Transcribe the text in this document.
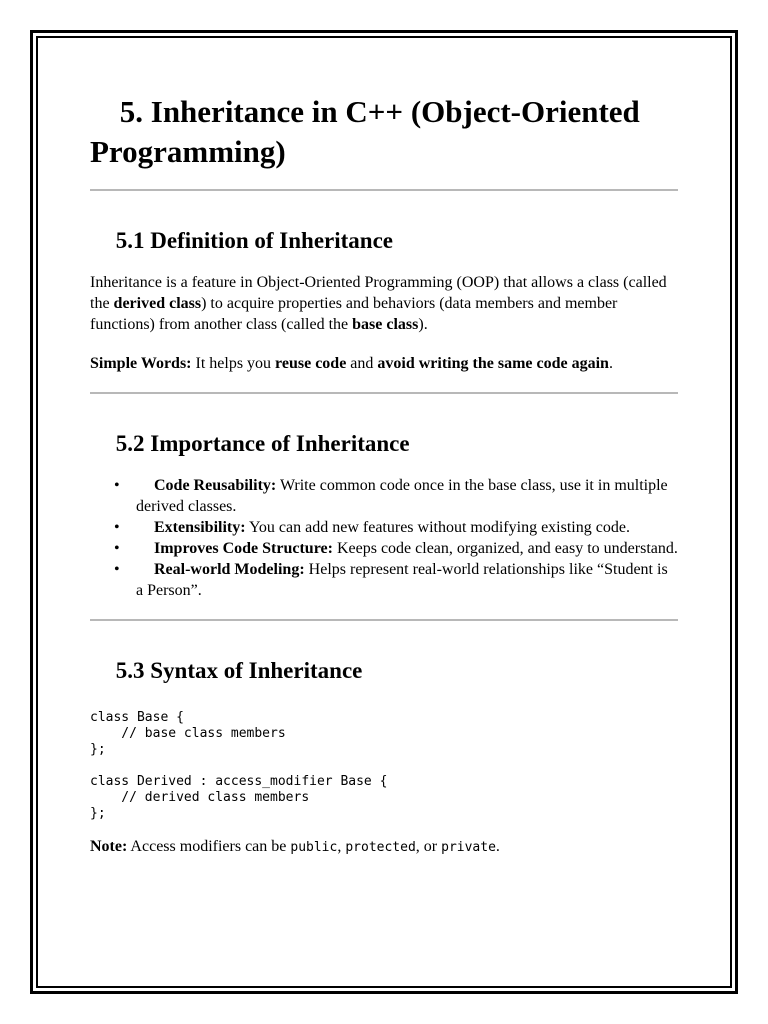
5. Inheritance in C++ (Object-Oriented Programming)
5.1 Definition of Inheritance

Inheritance is a feature in Object-Oriented Programming (OOP) that allows a class (called the derived class) to acquire properties and behaviors (data members and member functions) from another class (called the base class).

Simple Words: It helps you reuse code and avoid writing the same code again.

5.2 Importance of Inheritance
• Code Reusability: Write common code once in the base class, use it in multiple derived classes.
• Extensibility: You can add new features without modifying existing code.
• Improves Code Structure: Keeps code clean, organized, and easy to understand.
• Real-world Modeling: Helps represent real-world relationships like “Student is a Person”.
5.3 Syntax of Inheritance
class Base {
// base class members
};
class Derived : access_modifier Base {
// derived class members
};

Note: Access modifiers can be public, protected, or private.
